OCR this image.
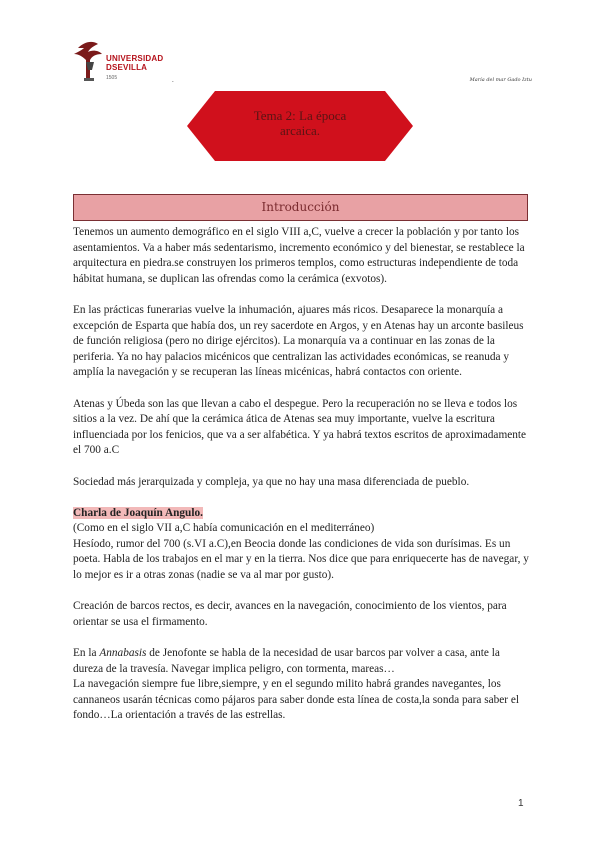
UNIVERSIDAD
DSEVILLA
1505	.	María del mar Gado Iztu
Tema 2: La época
arcaica.
Introducción

Tenemos un aumento demográfico en el siglo VIII a,C, vuelve a crecer la población y por tanto los asentamientos. Va a haber más sedentarismo, incremento económico y del bienestar, se restablece la arquitectura en piedra.se construyen los primeros templos, como estructuras independiente de toda hábitat humana, se duplican las ofrendas como la cerámica (exvotos).

En las prácticas funerarias vuelve la inhumación, ajuares más ricos. Desaparece la monarquía a excepción de Esparta que había dos, un rey sacerdote en Argos, y en Atenas hay un arconte basileus de función religiosa (pero no dirige ejércitos). La monarquía va a continuar en las zonas de la periferia. Ya no hay palacios micénicos que centralizan las actividades económicas, se reanuda y amplía la navegación y se recuperan las líneas micénicas, habrá contactos con oriente.

Atenas y Úbeda son las que llevan a cabo el despegue. Pero la recuperación no se lleva e todos los sitios a la vez. De ahí que la cerámica ática de Atenas sea muy importante, vuelve la escritura influenciada por los fenicios, que va a ser alfabética. Y ya habrá textos escritos de aproximadamente el 700 a.C

Sociedad más jerarquizada y compleja, ya que no hay una masa diferenciada de pueblo.

Charla de Joaquín Angulo.

(Como en el siglo VII a,C había comunicación en el mediterráneo)

Hesíodo, rumor del 700 (s.VI a.C),en Beocia donde las condiciones de vida son durísimas. Es un poeta. Habla de los trabajos en el mar y en la tierra. Nos dice que para enriquecerte has de navegar, y lo mejor es ir a otras zonas (nadie se va al mar por gusto).

Creación de barcos rectos, es decir, avances en la navegación, conocimiento de los vientos, para orientar se usa el firmamento.

En la Annabasis de Jenofonte se habla de la necesidad de usar barcos par volver a casa, ante la dureza de la travesía. Navegar implica peligro, con tormenta, mareas…

La navegación siempre fue libre,siempre, y en el segundo milito habrá grandes navegantes, los cannaneos usarán técnicas como pájaros para saber donde esta línea de costa,la sonda para saber el fondo…La orientación a través de las estrellas.

1
